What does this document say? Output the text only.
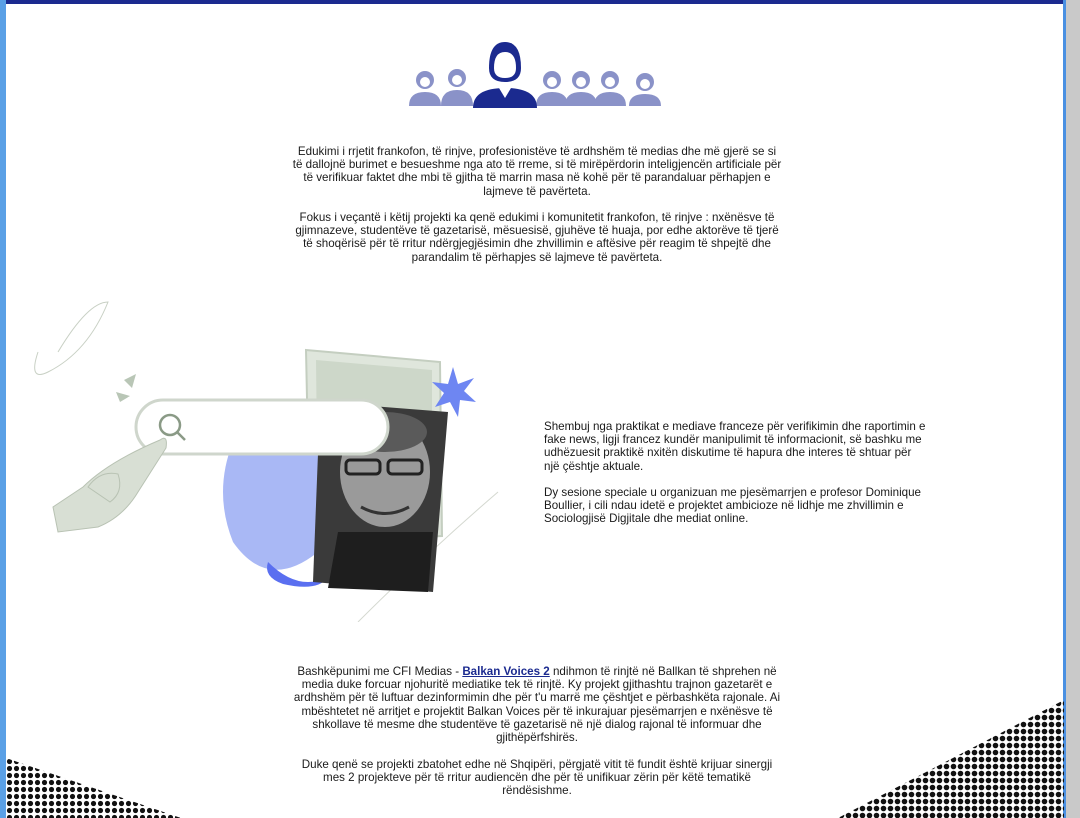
Edukimi i rrjetit frankofon, të rinjve, profesionistëve të ardhshëm të medias dhe më gjerë se si të dallojnë burimet e besueshme nga ato të rreme, si të mirëpërdorin inteligjencën artificiale për të verifikuar faktet dhe mbi të gjitha të marrin masa në kohë për të parandaluar përhapjen e lajmeve të pavërteta.

Fokus i veçantë i këtij projekti ka qenë edukimi i komunitetit frankofon, të rinjve : nxënësve të gjimnazeve, studentëve të gazetarisë, mësuesisë, gjuhëve të huaja, por edhe aktorëve të tjerë të shoqërisë për të rritur ndërgjegjësimin dhe zhvillimin e aftësive për reagim të shpejtë dhe parandalim të përhapjes së lajmeve të pavërteta.

Shembuj nga praktikat e mediave franceze për verifikimin dhe raportimin e fake news, ligji francez kundër manipulimit të informacionit, së bashku me udhëzuesit praktikë nxitën diskutime të hapura dhe interes të shtuar për një çështje aktuale.

Dy sesione speciale u organizuan me pjesëmarrjen e profesor Dominique Boullier, i cili ndau idetë e projektet ambicioze në lidhje me zhvillimin e Sociologjisë Digjitale dhe mediat online.

Bashkëpunimi me CFI Medias - Balkan Voices 2 ndihmon të rinjtë në Ballkan të shprehen në media duke forcuar njohuritë mediatike tek të rinjtë. Ky projekt gjithashtu trajnon gazetarët e ardhshëm për të luftuar dezinformimin dhe për t'u marrë me çështjet e përbashkëta rajonale. Ai mbështetet në arritjet e projektit Balkan Voices për të inkurajuar pjesëmarrjen e nxënësve të shkollave të mesme dhe studentëve të gazetarisë në një dialog rajonal të informuar dhe gjithëpërfshirës.

Duke qenë se projekti zbatohet edhe në Shqipëri, përgjatë vitit të fundit është krijuar sinergji mes 2 projekteve për të rritur audiencën dhe për të unifikuar zërin për këtë tematikë rëndësishme.
